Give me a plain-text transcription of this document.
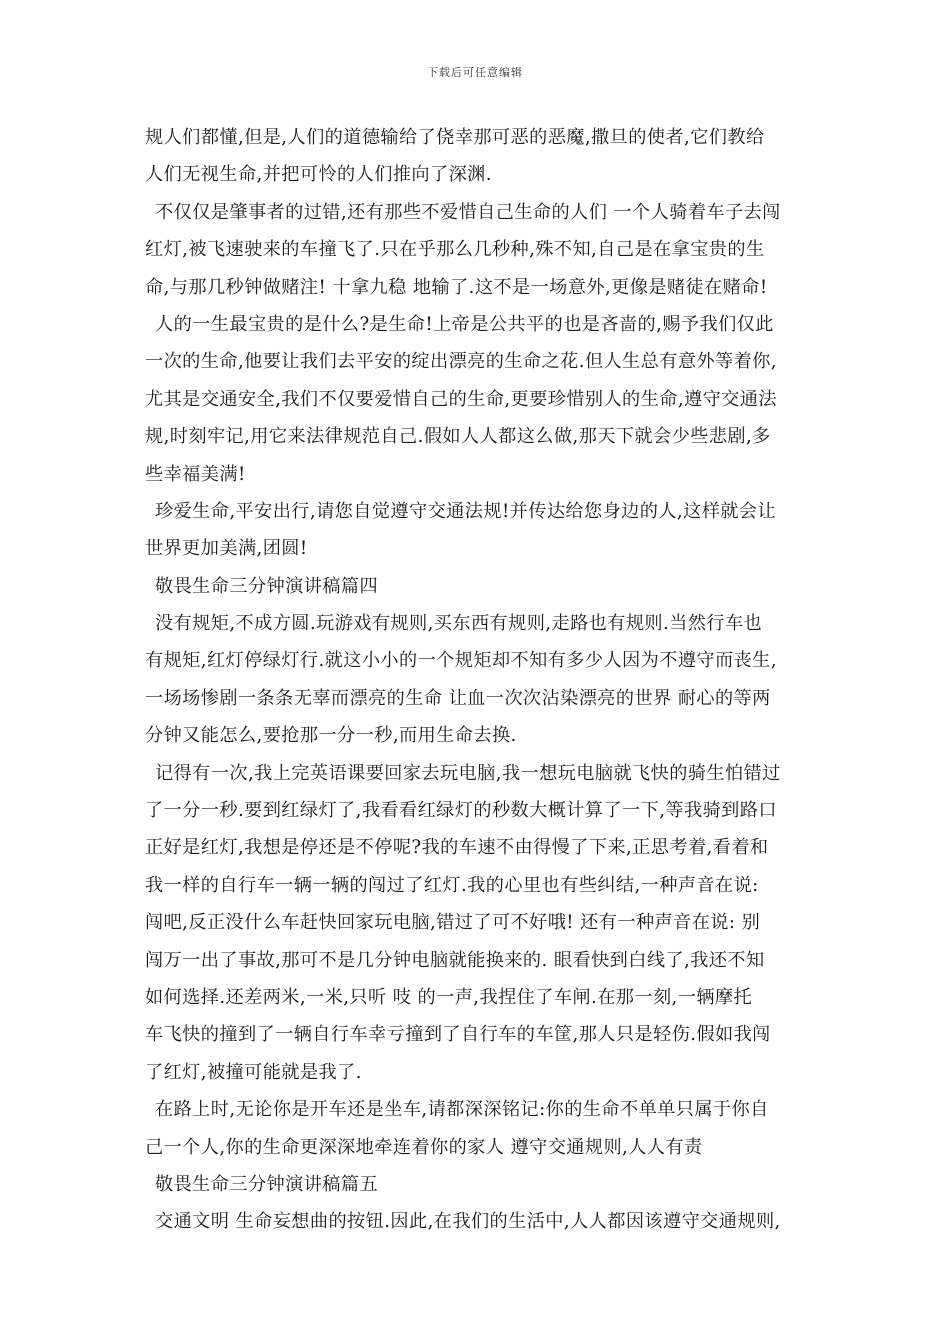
下载后可任意编辑
规人们都懂,但是,人们的道德输给了侥幸那可恶的恶魔,撒旦的使者,它们教给
人们无视生命,并把可怜的人们推向了深渊.
不仅仅是肇事者的过错,还有那些不爱惜自己生命的人们 一个人骑着车子去闯
红灯,被飞速驶来的车撞飞了.只在乎那么几秒种,殊不知,自己是在拿宝贵的生
命,与那几秒钟做赌注! 十拿九稳 地输了.这不是一场意外,更像是赌徒在赌命!
人的一生最宝贵的是什么?是生命!上帝是公共平的也是吝啬的,赐予我们仅此
一次的生命,他要让我们去平安的绽出漂亮的生命之花.但人生总有意外等着你,
尤其是交通安全,我们不仅要爱惜自己的生命,更要珍惜别人的生命,遵守交通法
规,时刻牢记,用它来法律规范自己.假如人人都这么做,那天下就会少些悲剧,多
些幸福美满!
珍爱生命,平安出行,请您自觉遵守交通法规!并传达给您身边的人,这样就会让
世界更加美满,团圆!
敬畏生命三分钟演讲稿篇四
没有规矩,不成方圆.玩游戏有规则,买东西有规则,走路也有规则.当然行车也
有规矩,红灯停绿灯行.就这小小的一个规矩却不知有多少人因为不遵守而丧生,
一场场惨剧一条条无辜而漂亮的生命 让血一次次沾染漂亮的世界 耐心的等两
分钟又能怎么,要抢那一分一秒,而用生命去换.
记得有一次,我上完英语课要回家去玩电脑,我一想玩电脑就飞快的骑生怕错过
了一分一秒.要到红绿灯了,我看看红绿灯的秒数大概计算了一下,等我骑到路口
正好是红灯,我想是停还是不停呢?我的车速不由得慢了下来,正思考着,看着和
我一样的自行车一辆一辆的闯过了红灯.我的心里也有些纠结,一种声音在说:
闯吧,反正没什么车赶快回家玩电脑,错过了可不好哦! 还有一种声音在说: 别
闯万一出了事故,那可不是几分钟电脑就能换来的. 眼看快到白线了,我还不知
如何选择.还差两米,一米,只听 吱 的一声,我捏住了车闸.在那一刻,一辆摩托
车飞快的撞到了一辆自行车幸亏撞到了自行车的车筐,那人只是轻伤.假如我闯
了红灯,被撞可能就是我了.
在路上时,无论你是开车还是坐车,请都深深铭记:你的生命不单单只属于你自
己一个人,你的生命更深深地牵连着你的家人 遵守交通规则,人人有责
敬畏生命三分钟演讲稿篇五
交通文明 生命妄想曲的按钮.因此,在我们的生活中,人人都因该遵守交通规则,
